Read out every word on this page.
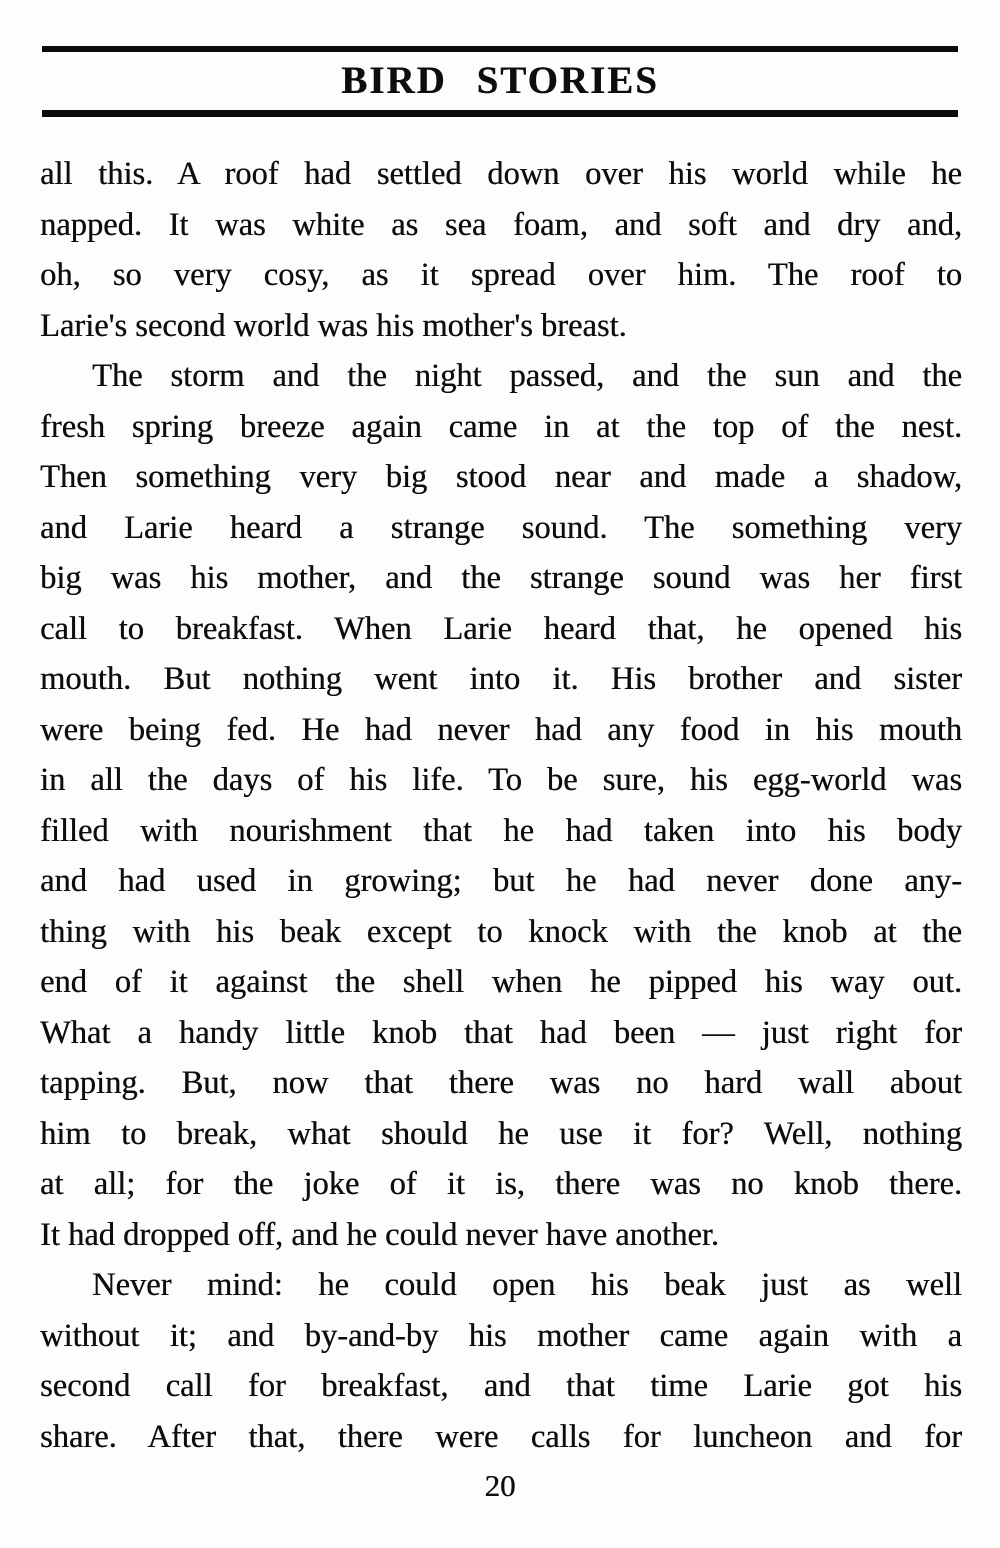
BIRD STORIES
all this. A roof had settled down over his world while he
napped. It was white as sea foam, and soft and dry and,
oh, so very cosy, as it spread over him. The roof to
Larie's second world was his mother's breast.
The storm and the night passed, and the sun and the
fresh spring breeze again came in at the top of the nest.
Then something very big stood near and made a shadow,
and Larie heard a strange sound. The something very
big was his mother, and the strange sound was her first
call to breakfast. When Larie heard that, he opened his
mouth. But nothing went into it. His brother and sister
were being fed. He had never had any food in his mouth
in all the days of his life. To be sure, his egg-world was
filled with nourishment that he had taken into his body
and had used in growing; but he had never done any-
thing with his beak except to knock with the knob at the
end of it against the shell when he pipped his way out.
What a handy little knob that had been — just right for
tapping. But, now that there was no hard wall about
him to break, what should he use it for? Well, nothing
at all; for the joke of it is, there was no knob there.
It had dropped off, and he could never have another.
Never mind: he could open his beak just as well
without it; and by-and-by his mother came again with a
second call for breakfast, and that time Larie got his
share. After that, there were calls for luncheon and for
20
